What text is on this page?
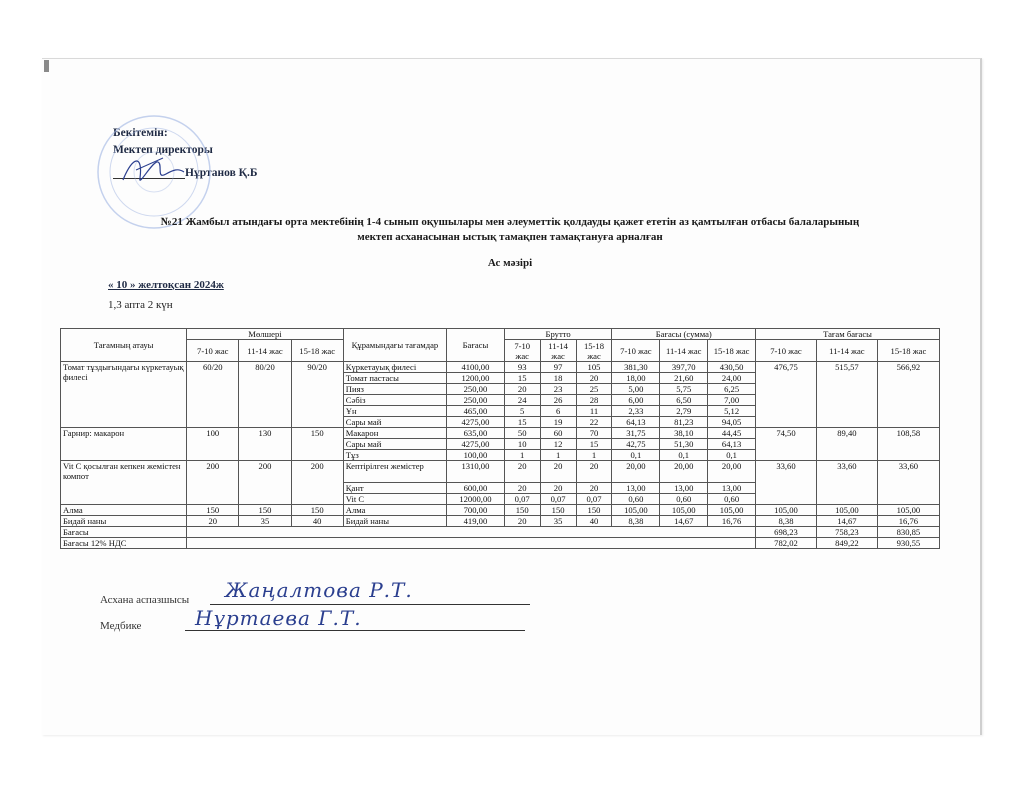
Бекітемін:
Мектеп директоры
Нұртанов Қ.Б
№21 Жамбыл атындағы орта мектебінің 1-4 сынып оқушылары мен әлеуметтік қолдауды қажет ететін аз қамтылған отбасы балаларының
мектеп асханасынан ыстық тамақпен тамақтануға арналған
Ас мәзірі
« 10 » желтоқсан 2024ж
1,3 апта 2 күн
Тағамның атауы	Мөлшері			Құрамындағы тағамдар	Бағасы	Брутто			Бағасы (сумма)			Тағам бағасы		
	7-10 жас	11-14 жас	15-18 жас			7-10 жас	11-14 жас	15-18 жас	7-10 жас	11-14 жас	15-18 жас	7-10 жас	11-14 жас	15-18 жас
Томат тұздығындағы күркетауық филесі	60/20	80/20	90/20	Күркетауық филесі	4100,00	93	97	105	381,30	397,70	430,50	476,75	515,57	566,92
				Томат пастасы	1200,00	15	18	20	18,00	21,60	24,00			
				Пияз	250,00	20	23	25	5,00	5,75	6,25			
				Сәбіз	250,00	24	26	28	6,00	6,50	7,00			
				Ұн	465,00	5	6	11	2,33	2,79	5,12			
				Сары май	4275,00	15	19	22	64,13	81,23	94,05			
Гарнир: макарон	100	130	150	Макарон	635,00	50	60	70	31,75	38,10	44,45	74,50	89,40	108,58
				Сары май	4275,00	10	12	15	42,75	51,30	64,13			
				Тұз	100,00	1	1	1	0,1	0,1	0,1			
Vit C қосылған кепкен жемістен компот	200	200	200	Кептірілген жемістер	1310,00	20	20	20	20,00	20,00	20,00	33,60	33,60	33,60
				Қант	600,00	20	20	20	13,00	13,00	13,00			
				Vit C	12000,00	0,07	0,07	0,07	0,60	0,60	0,60			
Алма	150	150	150	Алма	700,00	150	150	150	105,00	105,00	105,00	105,00	105,00	105,00
Бидай наны	20	35	40	Бидай наны	419,00	20	35	40	8,38	14,67	16,76	8,38	14,67	16,76
Бағасы												698,23	758,23	830,85
Бағасы 12% НДС												782,02	849,22	930,55
Асхана аспазшысы Жаңалтова Р.Т.
Медбике	Нұртаева Г.Т.
